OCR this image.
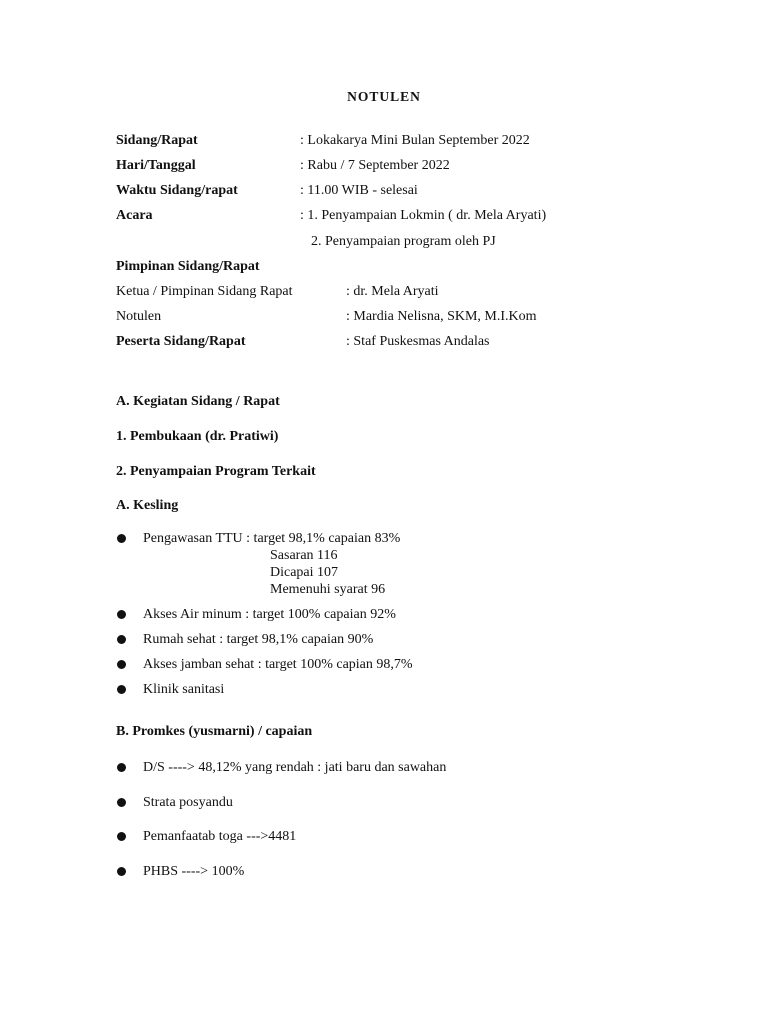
NOTULEN
Sidang/Rapat	: Lokakarya Mini Bulan September 2022
Hari/Tanggal	: Rabu / 7 September 2022
Waktu Sidang/rapat	: 11.00 WIB - selesai
Acara	: 1. Penyampaian Lokmin ( dr. Mela Aryati)
2. Penyampaian program oleh PJ
Pimpinan Sidang/Rapat
Ketua / Pimpinan Sidang Rapat	: dr. Mela Aryati
Notulen	: Mardia Nelisna, SKM, M.I.Kom
Peserta Sidang/Rapat	: Staf Puskesmas Andalas
A. Kegiatan Sidang / Rapat
1. Pembukaan (dr. Pratiwi)
2. Penyampaian Program Terkait
A. Kesling
Pengawasan TTU : target 98,1% capaian 83%
Sasaran 116
Dicapai 107
Memenuhi syarat 96
Akses Air minum : target 100% capaian 92%
Rumah sehat : target 98,1% capaian 90%
Akses jamban sehat : target 100% capian 98,7%
Klinik sanitasi
B. Promkes (yusmarni) / capaian
D/S ----> 48,12% yang rendah : jati baru dan sawahan
Strata posyandu
Pemanfaatab toga --->4481
PHBS ----> 100%
